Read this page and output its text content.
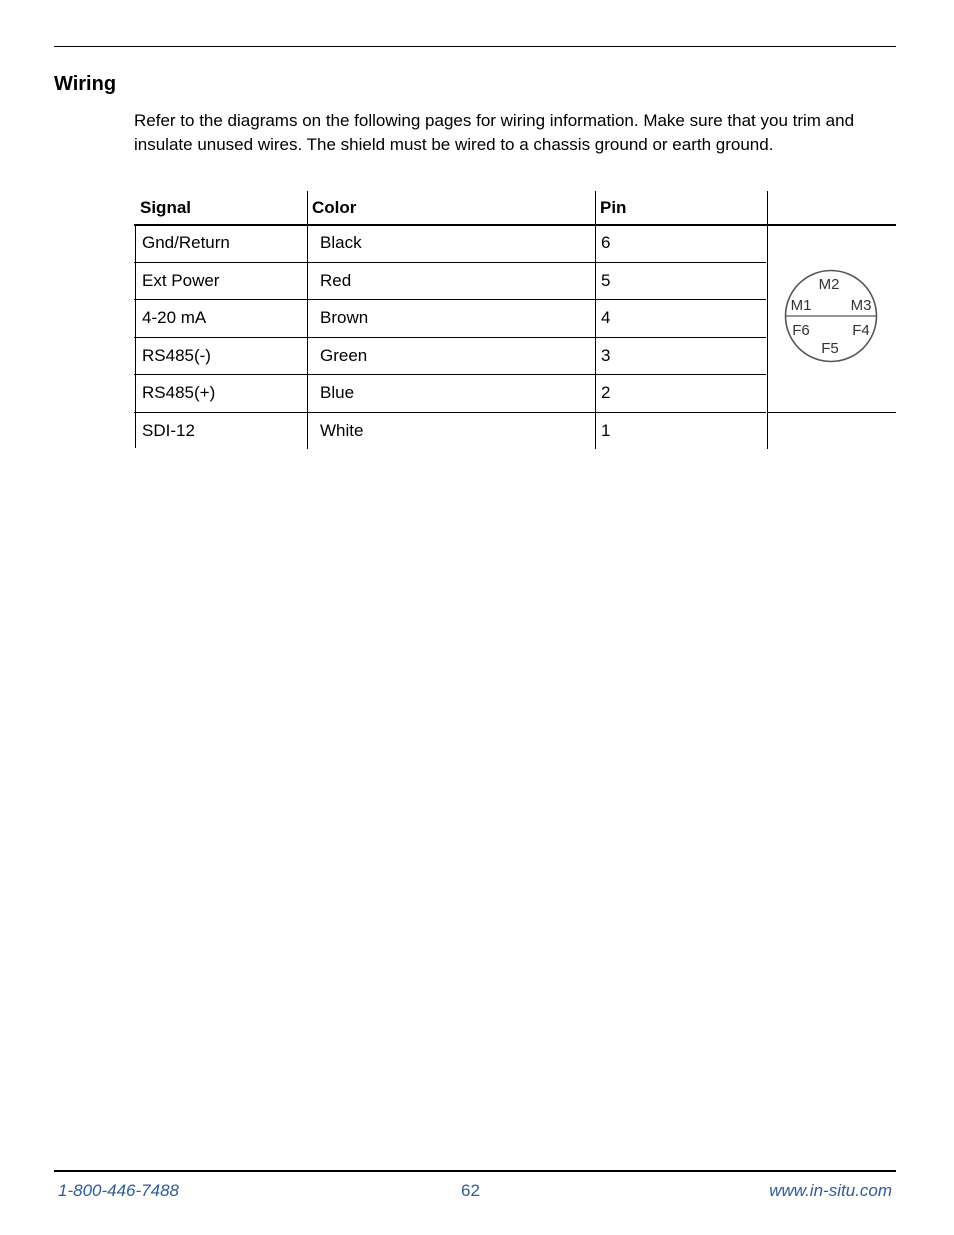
Wiring

Refer to the diagrams on the following pages for wiring information. Make sure that you trim and insulate unused wires. The shield must be wired to a chassis ground or earth ground.

Signal	Color	Pin
Gnd/Return	Black	6
Ext Power	Red	5
4-20 mA	Brown	4
RS485(-)	Green	3
RS485(+)	Blue	2
SDI-12	White	1
M2
M1	M3
F6	F4
F5
1-800-446-7488	62	www.in-situ.com
